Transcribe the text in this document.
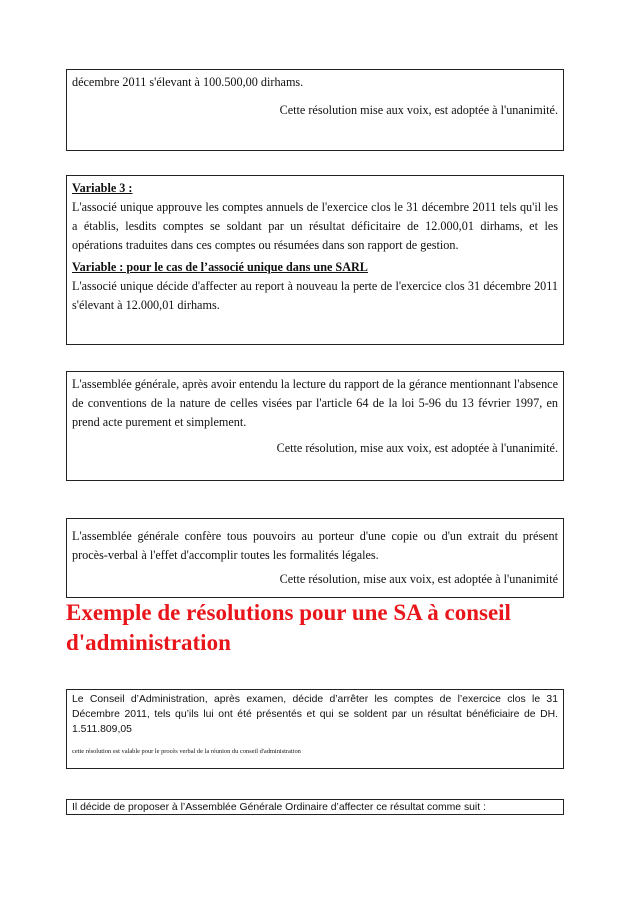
décembre 2011 s'élevant à 100.500,00 dirhams.

Cette résolution mise aux voix, est adoptée à l'unanimité.

Variable 3 :

L'associé unique approuve les comptes annuels de l'exercice clos le 31 décembre 2011 tels qu'il les a établis, lesdits comptes se soldant par un résultat déficitaire de 12.000,01 dirhams, et les opérations traduites dans ces comptes ou résumées dans son rapport de gestion.

Variable : pour le cas de l’associé unique dans une SARL

L'associé unique décide d'affecter au report à nouveau la perte de l'exercice clos 31 décembre 2011 s'élevant à 12.000,01 dirhams.

L'assemblée générale, après avoir entendu la lecture du rapport de la gérance mentionnant l'absence de conventions de la nature de celles visées par l'article 64 de la loi 5-96 du 13 février 1997, en prend acte purement et simplement.

Cette résolution, mise aux voix, est adoptée à l'unanimité.

L'assemblée générale confère tous pouvoirs au porteur d'une copie ou d'un extrait du présent procès-verbal à l'effet d'accomplir toutes les formalités légales.

Cette résolution, mise aux voix, est adoptée à l'unanimité

Exemple de résolutions pour une SA à conseil d'administration

Le Conseil d’Administration, après examen, décide d’arrêter les comptes de l’exercice clos le 31 Décembre 2011, tels qu’ils lui ont été présentés et qui se soldent par un résultat bénéficiaire de DH. 1.511.809,05

cette résolution est valable pour le procès verbal de la réunion du conseil d'administration

Il décide de proposer à l’Assemblée Générale Ordinaire d’affecter ce résultat comme suit :
